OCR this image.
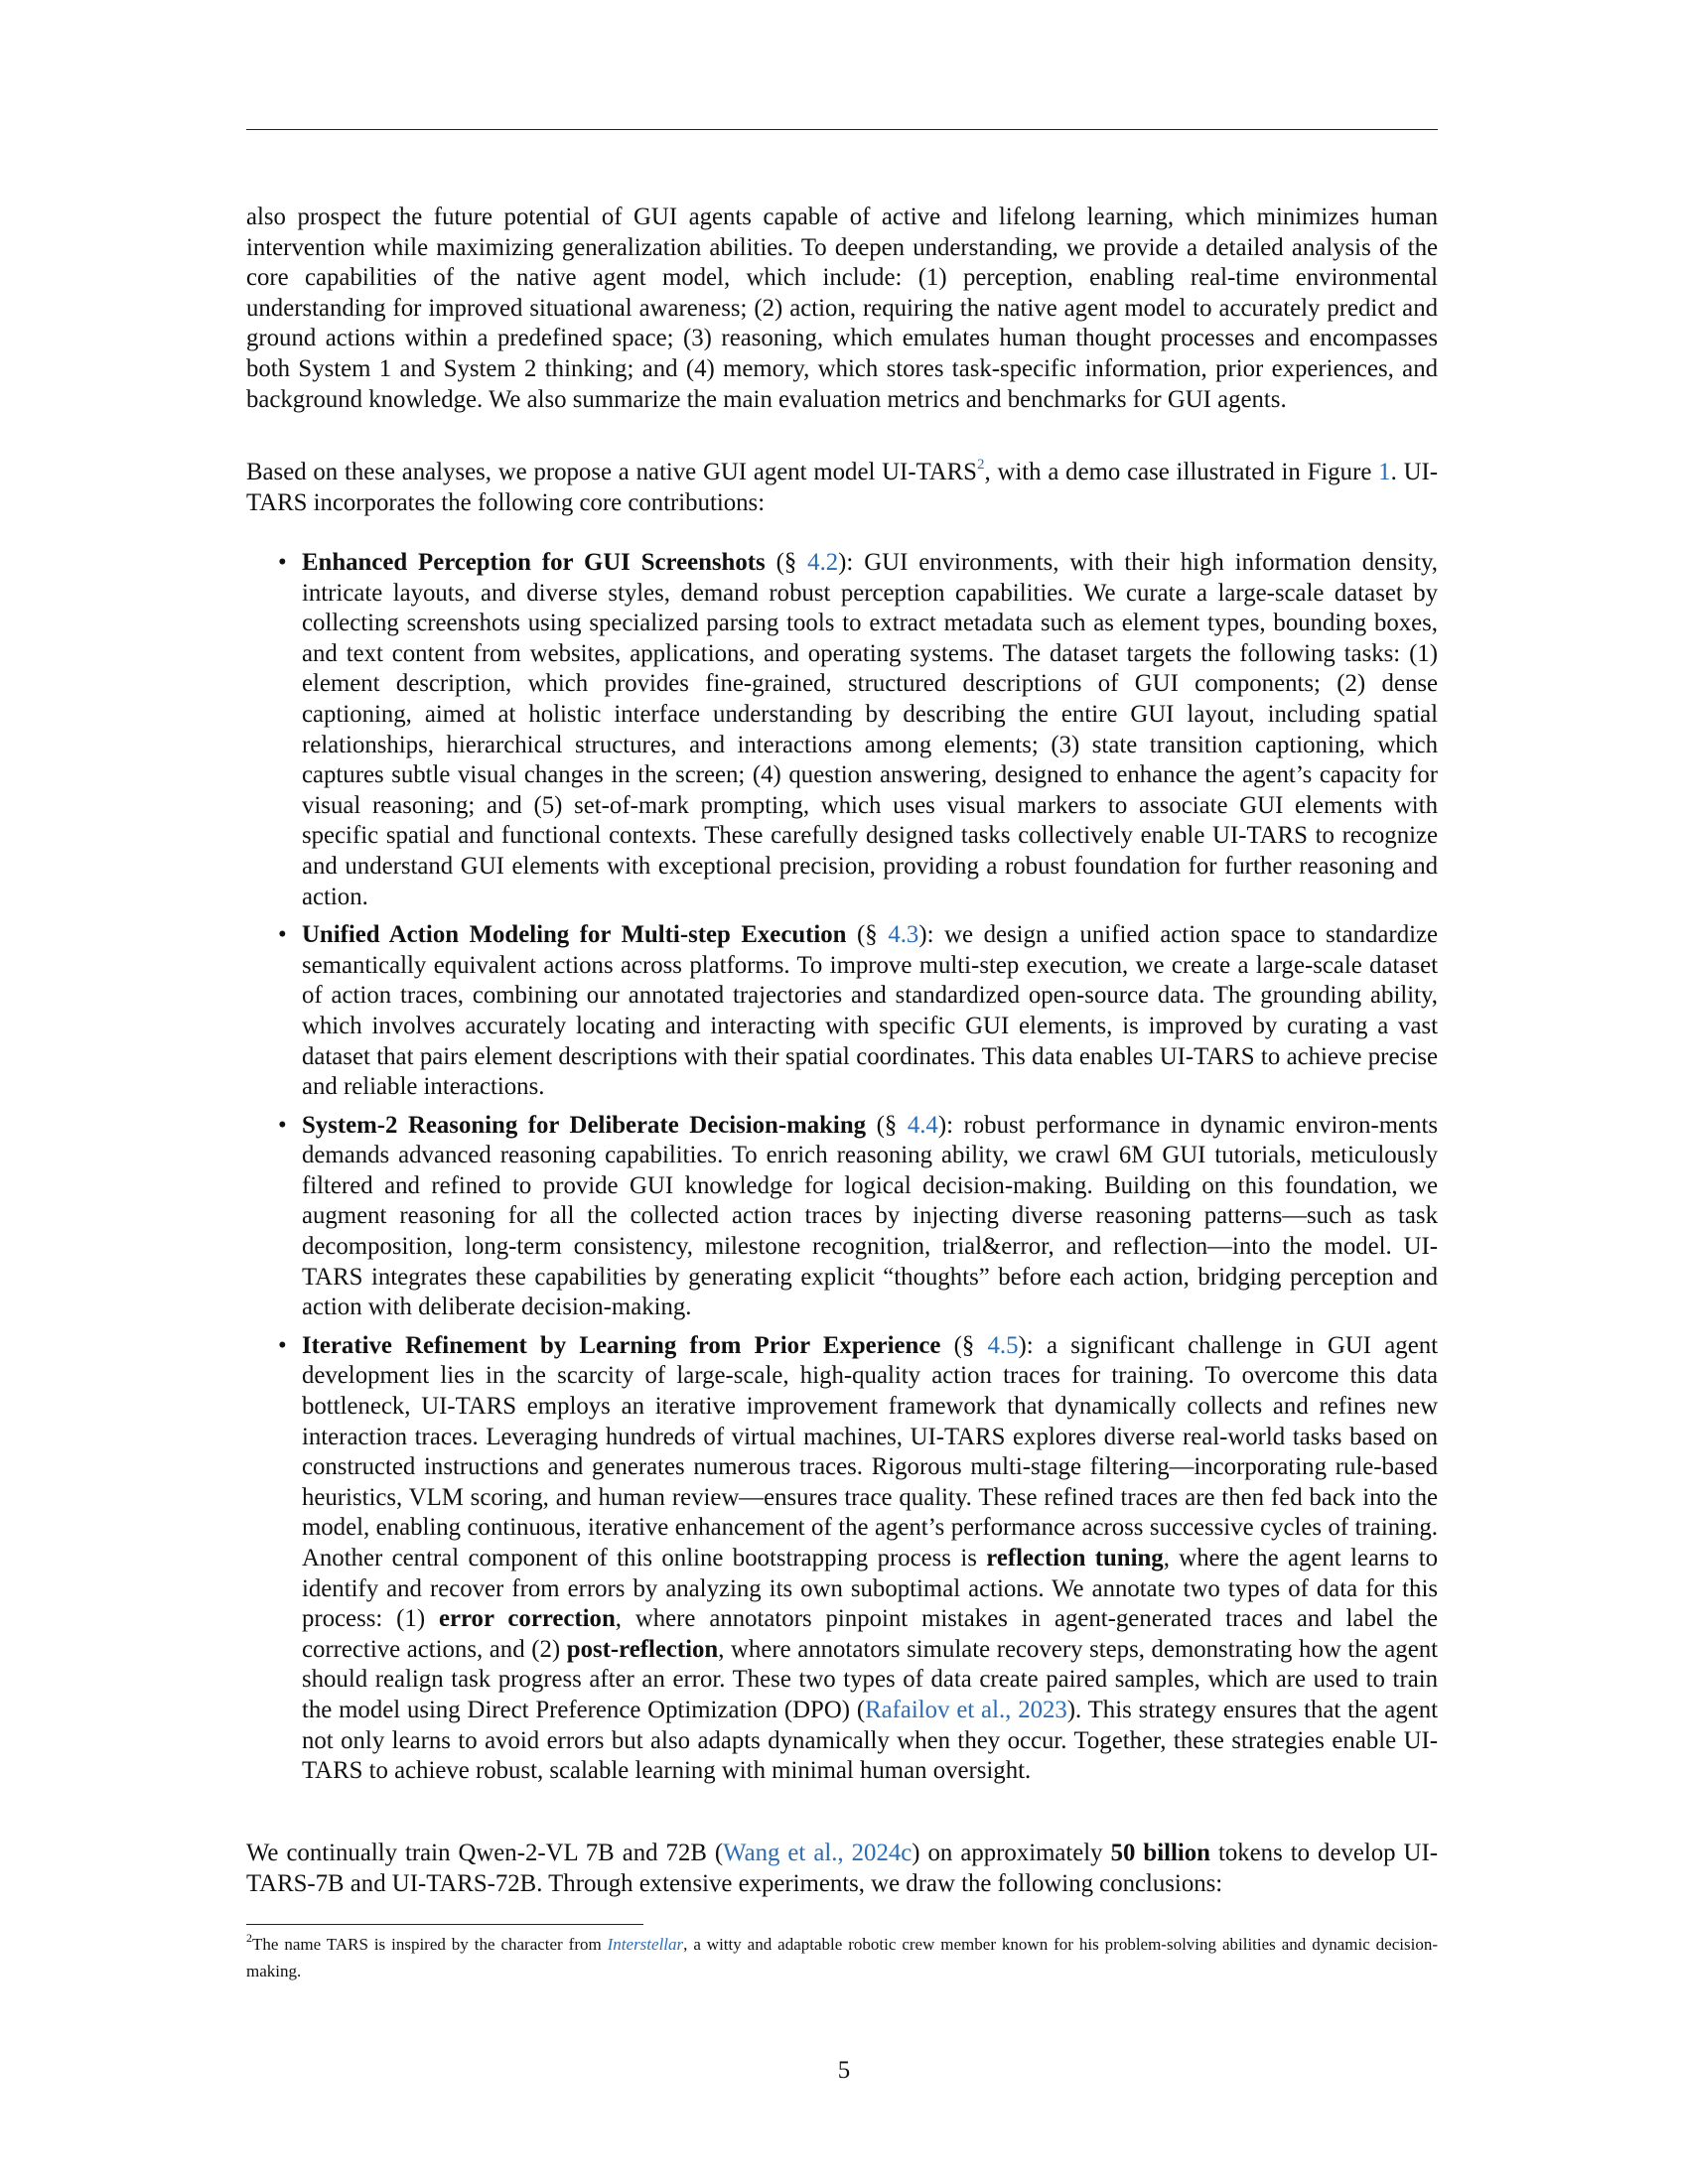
also prospect the future potential of GUI agents capable of active and lifelong learning, which minimizes human intervention while maximizing generalization abilities. To deepen understanding, we provide a detailed analysis of the core capabilities of the native agent model, which include: (1) perception, enabling real-time environmental understanding for improved situational awareness; (2) action, requiring the native agent model to accurately predict and ground actions within a predefined space; (3) reasoning, which emulates human thought processes and encompasses both System 1 and System 2 thinking; and (4) memory, which stores task-specific information, prior experiences, and background knowledge. We also summarize the main evaluation metrics and benchmarks for GUI agents.
Based on these analyses, we propose a native GUI agent model UI-TARS$^2$, with a demo case illustrated in Figure 1. UI-TARS incorporates the following core contributions:
• Enhanced Perception for GUI Screenshots (§ 4.2): GUI environments, with their high information density, intricate layouts, and diverse styles, demand robust perception capabilities. We curate a large-scale dataset by collecting screenshots using specialized parsing tools to extract metadata such as element types, bounding boxes, and text content from websites, applications, and operating systems. The dataset targets the following tasks: (1) element description, which provides fine-grained, structured descriptions of GUI components; (2) dense captioning, aimed at holistic interface understanding by describing the entire GUI layout, including spatial relationships, hierarchical structures, and interactions among elements; (3) state transition captioning, which captures subtle visual changes in the screen; (4) question answering, designed to enhance the agent’s capacity for visual reasoning; and (5) set-of-mark prompting, which uses visual markers to associate GUI elements with specific spatial and functional contexts. These carefully designed tasks collectively enable UI-TARS to recognize and understand GUI elements with exceptional precision, providing a robust foundation for further reasoning and action.
• Unified Action Modeling for Multi-step Execution (§ 4.3): we design a unified action space to standardize semantically equivalent actions across platforms. To improve multi-step execution, we create a large-scale dataset of action traces, combining our annotated trajectories and standardized open-source data. The grounding ability, which involves accurately locating and interacting with specific GUI elements, is improved by curating a vast dataset that pairs element descriptions with their spatial coordinates. This data enables UI-TARS to achieve precise and reliable interactions.
• System-2 Reasoning for Deliberate Decision-making (§ 4.4): robust performance in dynamic environ-ments demands advanced reasoning capabilities. To enrich reasoning ability, we crawl 6M GUI tutorials, meticulously filtered and refined to provide GUI knowledge for logical decision-making. Building on this foundation, we augment reasoning for all the collected action traces by injecting diverse reasoning patterns—such as task decomposition, long-term consistency, milestone recognition, trial&error, and reflection—into the model. UI-TARS integrates these capabilities by generating explicit “thoughts” before each action, bridging perception and action with deliberate decision-making.
• Iterative Refinement by Learning from Prior Experience (§ 4.5): a significant challenge in GUI agent development lies in the scarcity of large-scale, high-quality action traces for training. To overcome this data bottleneck, UI-TARS employs an iterative improvement framework that dynamically collects and refines new interaction traces. Leveraging hundreds of virtual machines, UI-TARS explores diverse real-world tasks based on constructed instructions and generates numerous traces. Rigorous multi-stage filtering—incorporating rule-based heuristics, VLM scoring, and human review—ensures trace quality. These refined traces are then fed back into the model, enabling continuous, iterative enhancement of the agent’s performance across successive cycles of training. Another central component of this online bootstrapping process is reflection tuning, where the agent learns to identify and recover from errors by analyzing its own suboptimal actions. We annotate two types of data for this process: (1) error correction, where annotators pinpoint mistakes in agent-generated traces and label the corrective actions, and (2) post-reflection, where annotators simulate recovery steps, demonstrating how the agent should realign task progress after an error. These two types of data create paired samples, which are used to train the model using Direct Preference Optimization (DPO) (Rafailov et al., 2023). This strategy ensures that the agent not only learns to avoid errors but also adapts dynamically when they occur. Together, these strategies enable UI-TARS to achieve robust, scalable learning with minimal human oversight.
We continually train Qwen-2-VL 7B and 72B (Wang et al., 2024c) on approximately 50 billion tokens to develop UI-TARS-7B and UI-TARS-72B. Through extensive experiments, we draw the following conclusions:
$^2$The name TARS is inspired by the character from Interstellar, a witty and adaptable robotic crew member known for his problem-solving abilities and dynamic decision-making.
5
